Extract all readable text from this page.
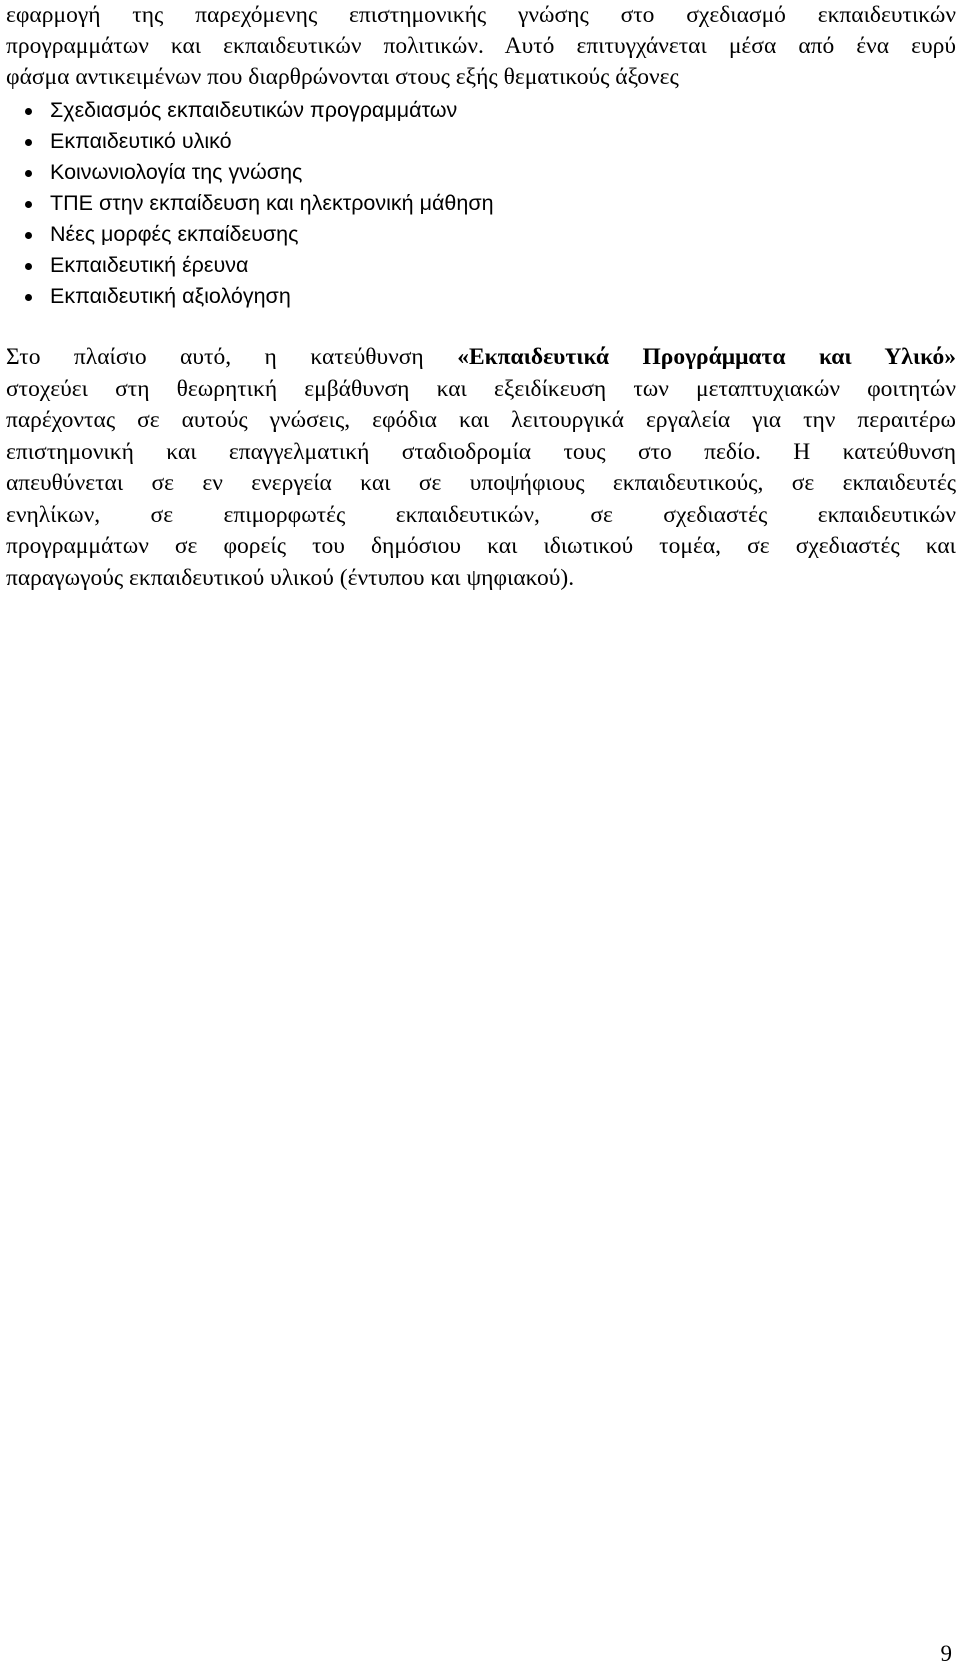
εφαρμογή της παρεχόμενης επιστημονικής γνώσης στο σχεδιασμό εκπαιδευτικών
προγραμμάτων και εκπαιδευτικών πολιτικών. Αυτό επιτυγχάνεται μέσα από ένα ευρύ
φάσμα αντικειμένων που διαρθρώνονται στους εξής θεματικούς άξονες

Σχεδιασμός εκπαιδευτικών προγραμμάτων
Εκπαιδευτικό υλικό
Κοινωνιολογία της γνώσης
ΤΠΕ στην εκπαίδευση και ηλεκτρονική μάθηση
Νέες μορφές εκπαίδευσης
Εκπαιδευτική έρευνα
Εκπαιδευτική αξιολόγηση

Στο πλαίσιο αυτό, η κατεύθυνση «Εκπαιδευτικά Προγράμματα και Υλικό»
στοχεύει στη θεωρητική εμβάθυνση και εξειδίκευση των μεταπτυχιακών φοιτητών
παρέχοντας σε αυτούς γνώσεις, εφόδια και λειτουργικά εργαλεία για την περαιτέρω
επιστημονική και επαγγελματική σταδιοδρομία τους στο πεδίο. Η κατεύθυνση
απευθύνεται σε εν ενεργεία και σε υποψήφιους εκπαιδευτικούς, σε εκπαιδευτές
ενηλίκων, σε επιμορφωτές εκπαιδευτικών, σε σχεδιαστές εκπαιδευτικών
προγραμμάτων σε φορείς του δημόσιου και ιδιωτικού τομέα, σε σχεδιαστές και
παραγωγούς εκπαιδευτικού υλικού (έντυπου και ψηφιακού).

9
